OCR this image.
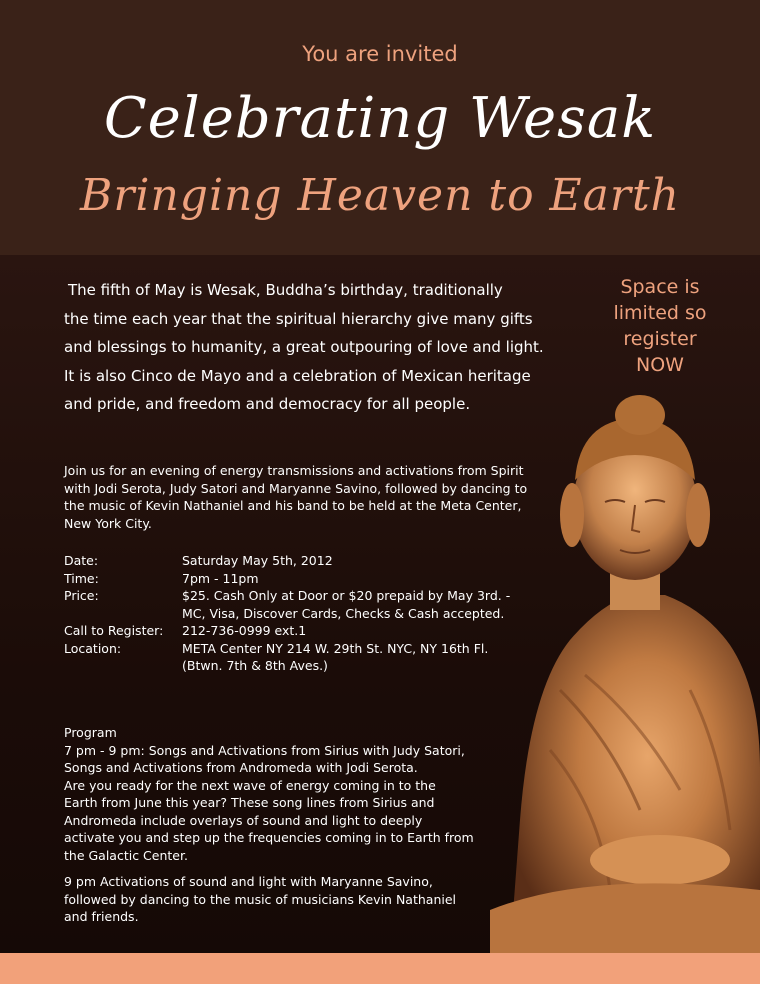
You are invited
Celebrating Wesak
Bringing Heaven to Earth
The fifth of May is Wesak, Buddha’s birthday, traditionally
the time each year that the spiritual hierarchy give many gifts
and blessings to humanity, a great outpouring of love and light.
It is also Cinco de Mayo and a celebration of Mexican heritage
and pride, and freedom and democracy for all people.
Space is
limited so
register
NOW
Join us for an evening of energy transmissions and activations from Spirit
with Jodi Serota, Judy Satori and Maryanne Savino, followed by dancing to
the music of Kevin Nathaniel and his band to be held at the Meta Center,
New York City.
Date:	Saturday May 5th, 2012
Time:	7pm - 11pm
Price:	$25. Cash Only at Door or $20 prepaid by May 3rd. -
MC, Visa, Discover Cards, Checks & Cash accepted.
Call to Register:	212-736-0999 ext.1
Location:	META Center NY 214 W. 29th St. NYC, NY 16th Fl.
(Btwn. 7th & 8th Aves.)
Program

7 pm - 9 pm: Songs and Activations from Sirius with Judy Satori,
Songs and Activations from Andromeda with Jodi Serota.
Are you ready for the next wave of energy coming in to the
Earth from June this year? These song lines from Sirius and
Andromeda include overlays of sound and light to deeply
activate you and step up the frequencies coming in to Earth from
the Galactic Center.

9 pm Activations of sound and light with Maryanne Savino,
followed by dancing to the music of musicians Kevin Nathaniel
and friends.
